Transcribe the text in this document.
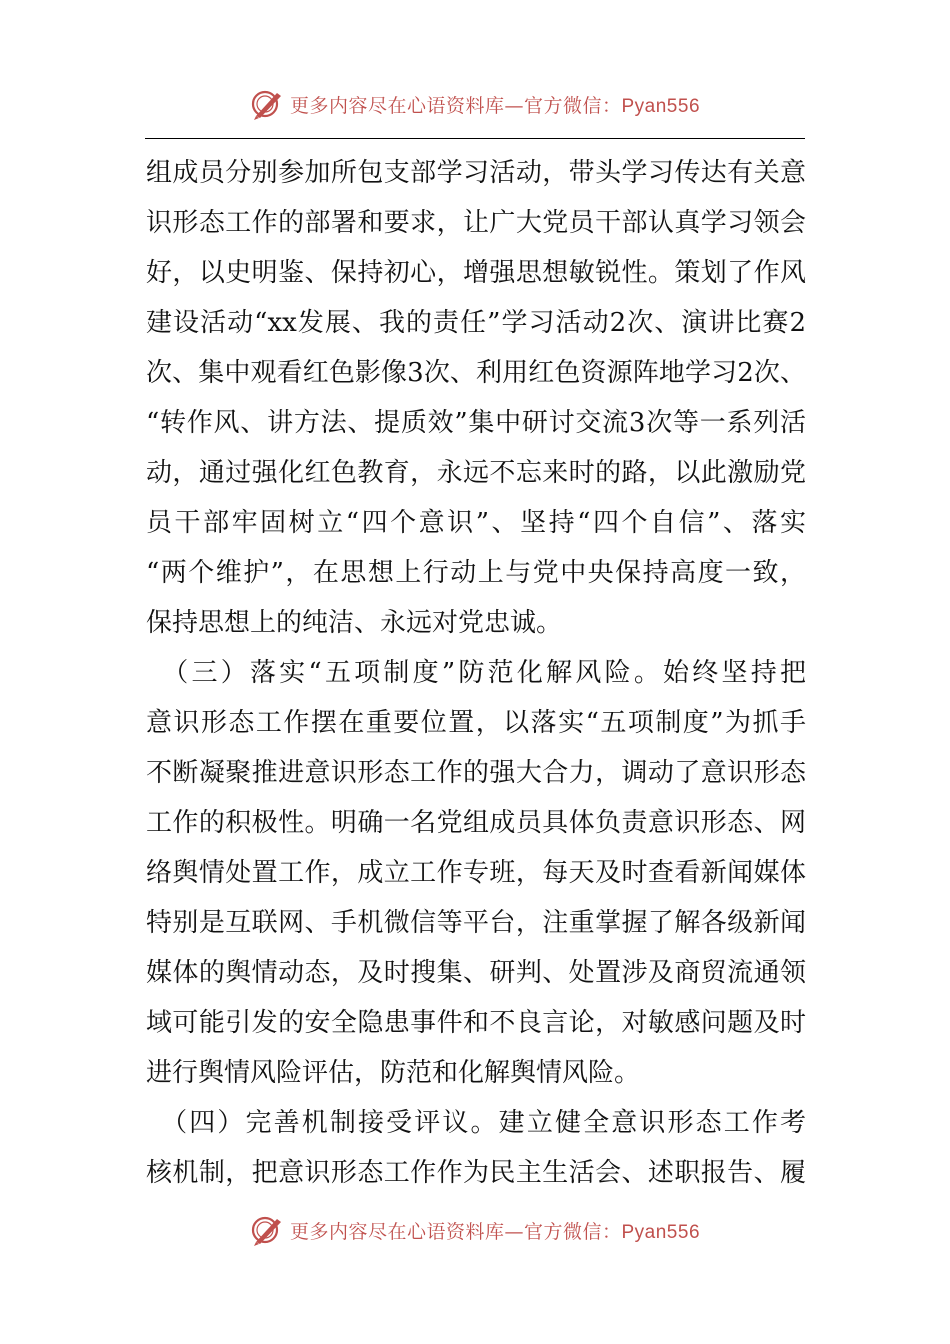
更多内容尽在心语资料库—官方微信：Pyan556
组成员分别参加所包支部学习活动，带头学习传达有关意
识形态工作的部署和要求，让广大党员干部认真学习领会
好，以史明鉴、保持初心，增强思想敏锐性。策划了作风
建设活动“xx发展、我的责任”学习活动2次、演讲比赛2
次、集中观看红色影像3次、利用红色资源阵地学习2次、
“转作风、讲方法、提质效”集中研讨交流3次等一系列活
动，通过强化红色教育，永远不忘来时的路，以此激励党
员干部牢固树立“四个意识”、坚持“四个自信”、落实
“两个维护”，在思想上行动上与党中央保持高度一致，
保持思想上的纯洁、永远对党忠诚。
　（三）落实“五项制度”防范化解风险。始终坚持把
意识形态工作摆在重要位置，以落实“五项制度”为抓手
不断凝聚推进意识形态工作的强大合力，调动了意识形态
工作的积极性。明确一名党组成员具体负责意识形态、网
络舆情处置工作，成立工作专班，每天及时查看新闻媒体
特别是互联网、手机微信等平台，注重掌握了解各级新闻
媒体的舆情动态，及时搜集、研判、处置涉及商贸流通领
域可能引发的安全隐患事件和不良言论，对敏感问题及时
进行舆情风险评估，防范和化解舆情风险。
　（四）完善机制接受评议。建立健全意识形态工作考
核机制，把意识形态工作作为民主生活会、述职报告、履
更多内容尽在心语资料库—官方微信：Pyan556
